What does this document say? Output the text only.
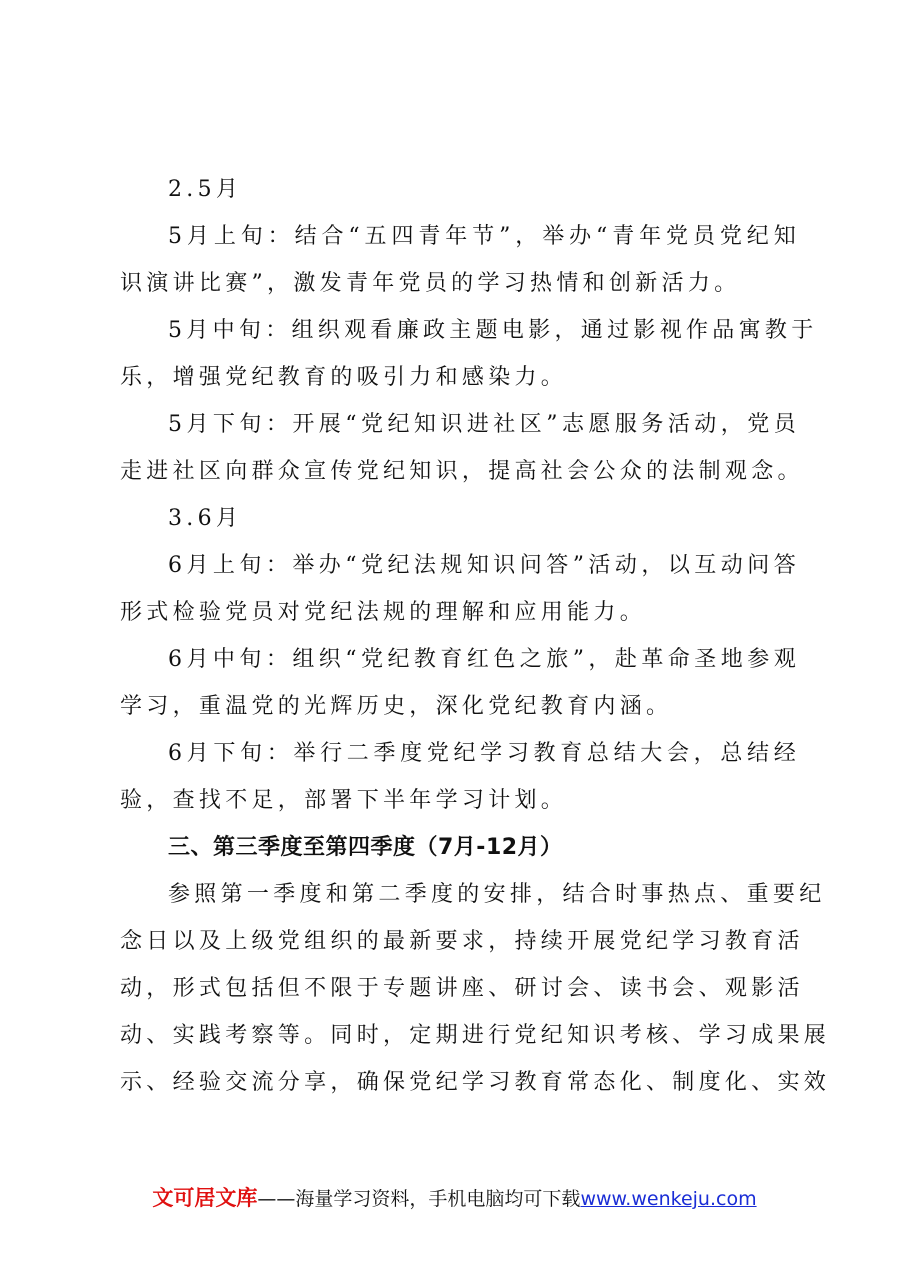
2.5月
5月上旬：结合“五四青年节”，举办“青年党员党纪知
识演讲比赛”，激发青年党员的学习热情和创新活力。
5月中旬：组织观看廉政主题电影，通过影视作品寓教于
乐，增强党纪教育的吸引力和感染力。
5月下旬：开展“党纪知识进社区”志愿服务活动，党员
走进社区向群众宣传党纪知识，提高社会公众的法制观念。
3.6月
6月上旬：举办“党纪法规知识问答”活动，以互动问答
形式检验党员对党纪法规的理解和应用能力。
6月中旬：组织“党纪教育红色之旅”，赴革命圣地参观
学习，重温党的光辉历史，深化党纪教育内涵。
6月下旬：举行二季度党纪学习教育总结大会，总结经
验，查找不足，部署下半年学习计划。
三、第三季度至第四季度（7月-12月）
参照第一季度和第二季度的安排，结合时事热点、重要纪
念日以及上级党组织的最新要求，持续开展党纪学习教育活
动，形式包括但不限于专题讲座、研讨会、读书会、观影活
动、实践考察等。同时，定期进行党纪知识考核、学习成果展
示、经验交流分享，确保党纪学习教育常态化、制度化、实效
文可居文库——海量学习资料，手机电脑均可下载www.wenkeju.com
